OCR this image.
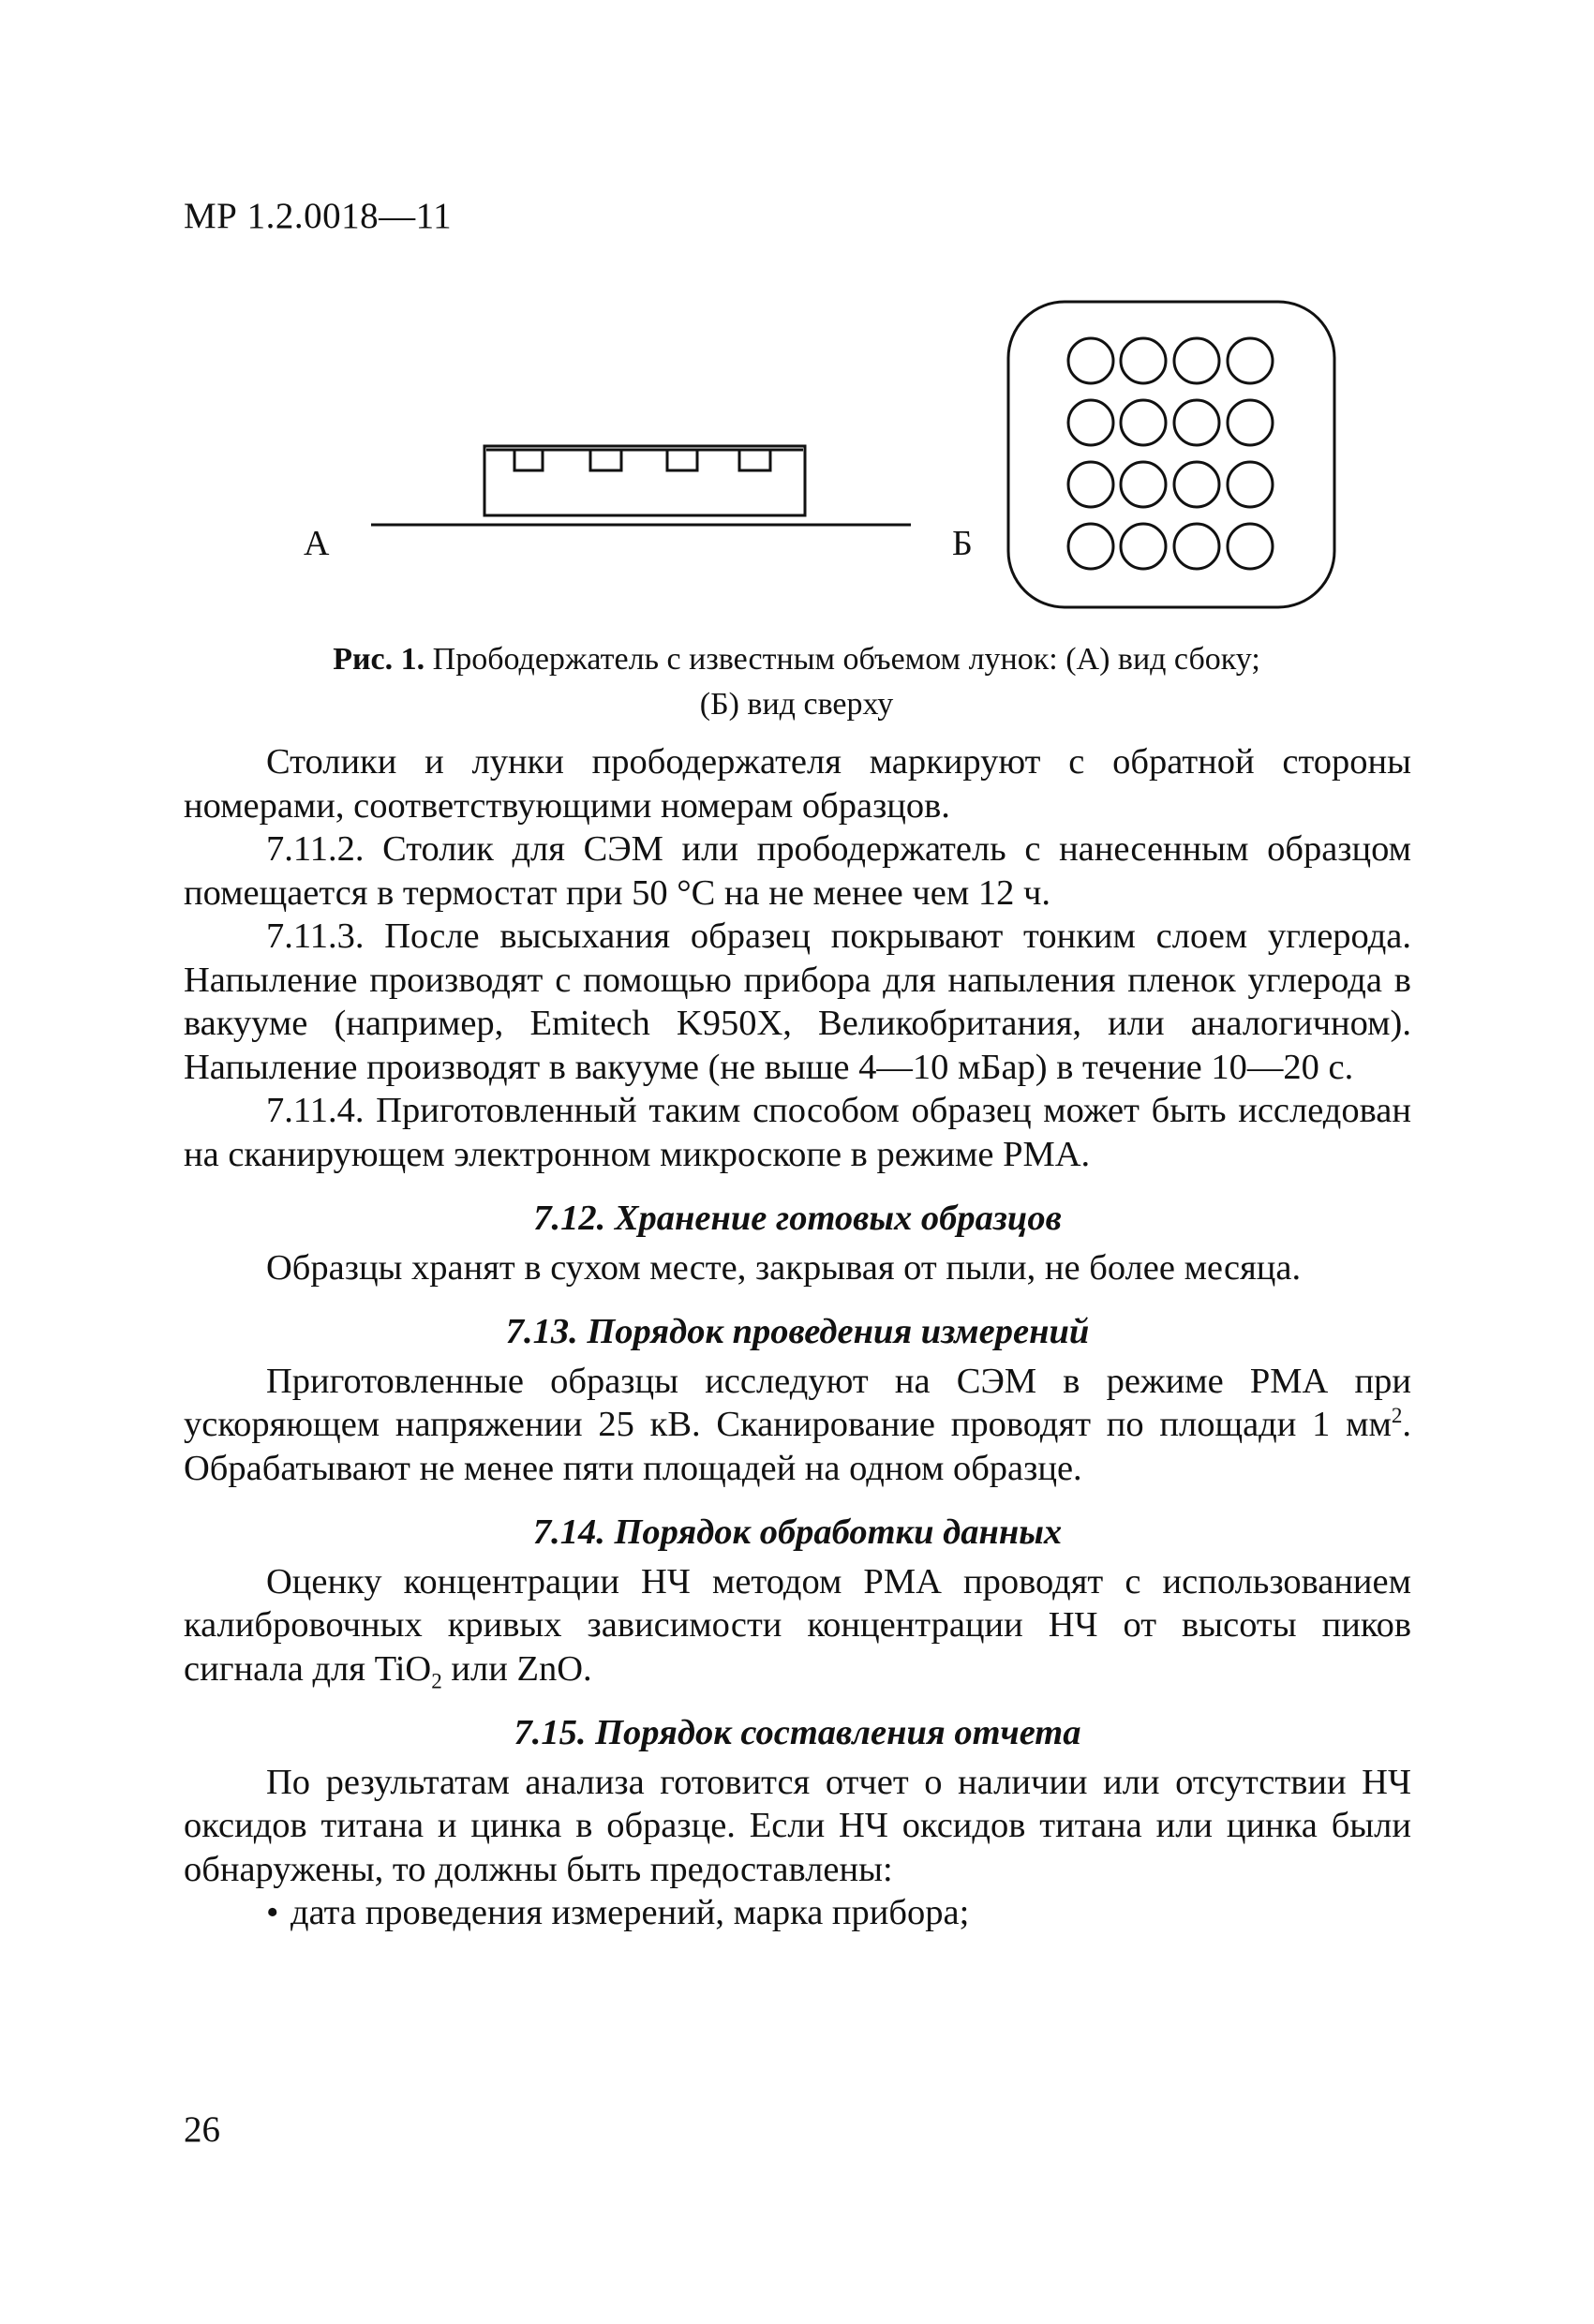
МР 1.2.0018—11
А	Б
Рис. 1. Прободержатель с известным объемом лунок: (А) вид сбоку;
(Б) вид сверху

Столики и лунки прободержателя маркируют с обратной стороны номерами, соответствующими номерам образцов.

7.11.2. Столик для СЭМ или прободержатель с нанесенным образцом помещается в термостат при 50 °С на не менее чем 12 ч.

7.11.3. После высыхания образец покрывают тонким слоем углерода. Напыление производят с помощью прибора для напыления пленок углерода в вакууме (например, Emitech K950X, Великобритания, или аналогичном). Напыление производят в вакууме (не выше 4—10 мБар) в течение 10—20 с.

7.11.4. Приготовленный таким способом образец может быть исследован на сканирующем электронном микроскопе в режиме РМА.

7.12. Хранение готовых образцов

Образцы хранят в сухом месте, закрывая от пыли, не более месяца.

7.13. Порядок проведения измерений

Приготовленные образцы исследуют на СЭМ в режиме РМА при ускоряющем напряжении 25 кВ. Сканирование проводят по площади 1 $мм^2$. Обрабатывают не менее пяти площадей на одном образце.

7.14. Порядок обработки данных

Оценку концентрации НЧ методом РМА проводят с использованием калибровочных кривых зависимости концентрации НЧ от высоты пиков сигнала для TiO$_2$ или ZnO.

7.15. Порядок составления отчета

По результатам анализа готовится отчет о наличии или отсутствии НЧ оксидов титана и цинка в образце. Если НЧ оксидов титана или цинка были обнаружены, то должны быть предоставлены:

• дата проведения измерений, марка прибора;
26
